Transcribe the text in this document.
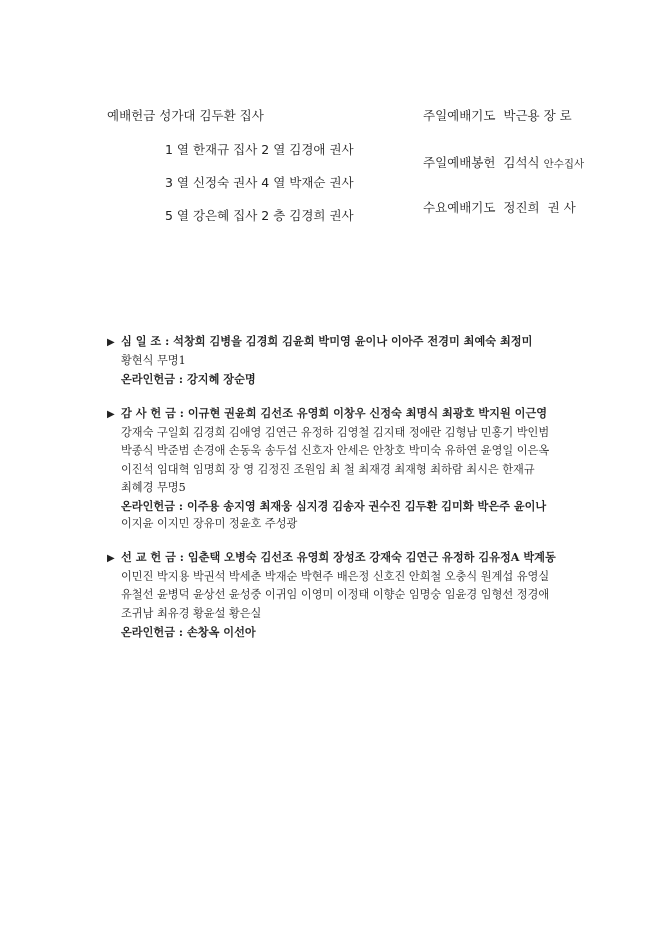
예배헌금 성가대 김두환 집사
1 열 한재규 집사 2 열 김경애 권사
3 열 신정숙 권사 4 열 박재순 권사
5 열 강은혜 집사 2 층 김경희 권사
주일예배기도 박근용 장 로
주일예배봉헌 김석식 안수집사
수요예배기도 정진희 권 사
▶ 심 일 조 : 석창희 김병을 김경희 김윤희 박미영 윤이나 이아주 전경미 최예숙 최정미
황현식 무명1
온라인헌금 : 강지혜 장순명
▶ 감 사 헌 금 : 이규현 권윤희 김선조 유영희 이창우 신정숙 최명식 최광호 박지원 이근영
강재숙 구일회 김경희 김애영 김연근 유정하 김영철 김지태 정애란 김형남 민홍기 박인범
박종식 박준범 손경애 손동욱 송두섭 신호자 안세은 안창호 박미숙 유하연 윤영일 이은옥
이진석 임대혁 임명희 장 영 김정진 조원임 최 철 최재경 최재형 최하람 최시은 한재규
최혜경 무명5
온라인헌금 : 이주용 송지영 최재웅 심지경 김송자 권수진 김두환 김미화 박은주 윤이나
이지윤 이지민 장유미 정윤호 주성광
▶ 선 교 헌 금 : 임춘택 오병숙 김선조 유영희 장성조 강재숙 김연근 유정하 김유정A 박계동
이민진 박지용 박권석 박세춘 박재순 박현주 배은정 신호진 안희철 오충식 원계섭 유영실
유철선 윤병덕 윤상선 윤성중 이귀임 이영미 이정태 이향순 임명숭 임윤경 임형선 정경애
조귀남 최유경 황윤설 황은실
온라인헌금 : 손창옥 이선아
